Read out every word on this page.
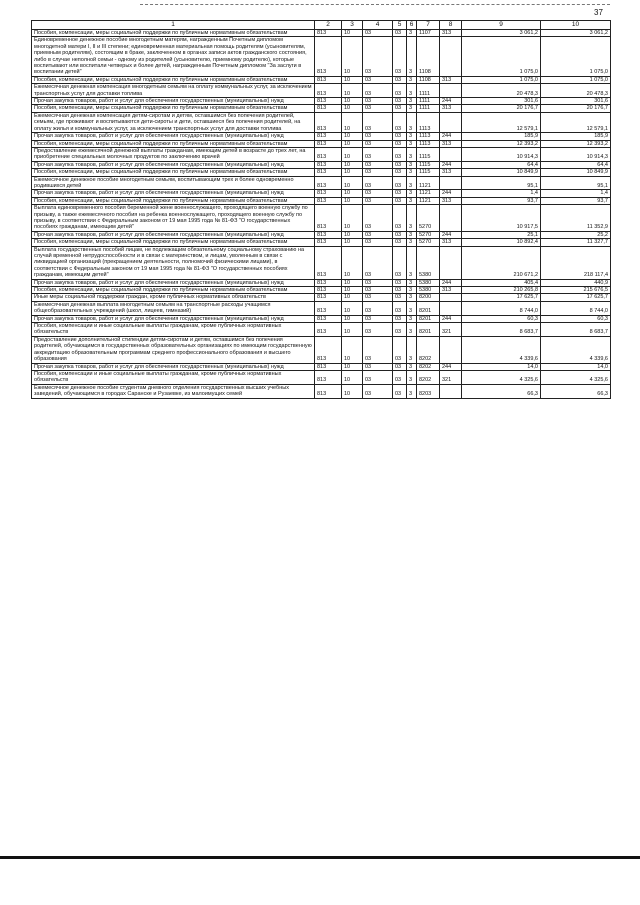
37
1	2	3	4	5	6	7	8	9	10
Пособия, компенсации, меры социальной поддержки по публичным нормативным обязательствам	813	10	03	03	3	1107	313	3 061,2	3 061,2
Единовременное денежное пособие многодетным матерям, награжденным Почетным дипломом многодетной матери I, II и III степени; единовременная материальная помощь родителям (усыновителям, приемным родителям), состоящим в браке, заключенном в органах записи актов гражданского состояния, либо в случае неполной семьи - одному из родителей (усыновителю, приемному родителю), которые воспитывают или воспитали четверых и более детей, награжденным Почетным дипломом "За заслуги в воспитании детей"	813	10	03	03	3	1108		1 075,0	1 075,0
Пособия, компенсации, меры социальной поддержки по публичным нормативным обязательствам	813	10	03	03	3	1108	313	1 075,0	1 075,0
Ежемесячная денежная компенсация многодетным семьям на оплату коммунальных услуг, за исключением транспортных услуг для доставки топлива	813	10	03	03	3	1111		20 478,3	20 478,3
Прочая закупка товаров, работ и услуг для обеспечения государственных (муниципальных) нужд	813	10	03	03	3	1111	244	301,6	301,6
Пособия, компенсации, меры социальной поддержки по публичным нормативным обязательствам	813	10	03	03	3	1111	313	20 176,7	20 176,7
Ежемесячная денежная компенсация детям-сиротам и детям, оставшимся без попечения родителей, семьям, где проживают и воспитываются дети-сироты и дети, оставшиеся без попечения родителей, на оплату жилья и коммунальных услуг, за исключением транспортных услуг для доставки топлива	813	10	03	03	3	1113		12 579,1	12 579,1
Прочая закупка товаров, работ и услуг для обеспечения государственных (муниципальных) нужд	813	10	03	03	3	1113	244	185,9	185,9
Пособия, компенсации, меры социальной поддержки по публичным нормативным обязательствам	813	10	03	03	3	1113	313	12 393,2	12 393,2
Предоставление ежемесячной денежной выплаты гражданам, имеющим детей в возрасте до трех лет, на приобретение специальных молочных продуктов по заключению врачей	813	10	03	03	3	1115		10 914,3	10 914,3
Прочая закупка товаров, работ и услуг для обеспечения государственных (муниципальных) нужд	813	10	03	03	3	1115	244	64,4	64,4
Пособия, компенсации, меры социальной поддержки по публичным нормативным обязательствам	813	10	03	03	3	1115	313	10 849,9	10 849,9
Ежемесячное денежное пособие многодетным семьям, воспитывающим трех и более одновременно родившихся детей	813	10	03	03	3	1121		95,1	95,1
Прочая закупка товаров, работ и услуг для обеспечения государственных (муниципальных) нужд	813	10	03	03	3	1121	244	1,4	1,4
Пособия, компенсации, меры социальной поддержки по публичным нормативным обязательствам	813	10	03	03	3	1121	313	93,7	93,7
Выплата единовременного пособия беременной жене военнослужащего, проходящего военную службу по призыву, а также ежемесячного пособия на ребенка военнослужащего, проходящего военную службу по призыву, в соответствии с Федеральным законом от 19 мая 1995 года № 81-ФЗ "О государственных пособиях гражданам, имеющим детей"	813	10	03	03	3	5270		10 917,5	11 352,9
Прочая закупка товаров, работ и услуг для обеспечения государственных (муниципальных) нужд	813	10	03	03	3	5270	244	25,1	25,2
Пособия, компенсации, меры социальной поддержки по публичным нормативным обязательствам	813	10	03	03	3	5270	313	10 892,4	11 327,7
Выплата государственных пособий лицам, не подлежащим обязательному социальному страхованию на случай временной нетрудоспособности и в связи с материнством, и лицам, уволенным в связи с ликвидацией организаций (прекращением деятельности, полномочий физическими лицами), в соответствии с Федеральным законом от 19 мая 1995 года № 81-ФЗ "О государственных пособиях гражданам, имеющим детей"	813	10	03	03	3	5380		210 671,2	218 117,4
Прочая закупка товаров, работ и услуг для обеспечения государственных (муниципальных) нужд	813	10	03	03	3	5380	244	405,4	440,9
Пособия, компенсации, меры социальной поддержки по публичным нормативным обязательствам	813	10	03	03	3	5380	313	210 265,8	215 676,5
Иные меры социальной поддержки граждан, кроме публичных нормативных обязательств	813	10	03	03	3	8200		17 625,7	17 625,7
Ежемесячная денежная выплата многодетным семьям на транспортные расходы учащимся общеобразовательных учреждений (школ, лицеев, гимназий)	813	10	03	03	3	8201		8 744,0	8 744,0
Прочая закупка товаров, работ и услуг для обеспечения государственных (муниципальных) нужд	813	10	03	03	3	8201	244	60,3	60,3
Пособия, компенсации и иные социальные выплаты гражданам, кроме публичных нормативных обязательств	813	10	03	03	3	8201	321	8 683,7	8 683,7
Предоставление дополнительной стипендии детям-сиротам и детям, оставшимся без попечения родителей, обучающимся в государственных образовательных организациях по имеющим государственную аккредитацию образовательным программам среднего профессионального образования и высшего образования	813	10	03	03	3	8202		4 339,6	4 339,6
Прочая закупка товаров, работ и услуг для обеспечения государственных (муниципальных) нужд	813	10	03	03	3	8202	244	14,0	14,0
Пособия, компенсации и иные социальные выплаты гражданам, кроме публичных нормативных обязательств	813	10	03	03	3	8202	321	4 325,6	4 325,6
Ежемесячное денежное пособие студентам дневного отделения государственных высших учебных заведений, обучающимся в городах Саранске и Рузаевке, из малоимущих семей	813	10	03	03	3	8203		66,3	66,3
